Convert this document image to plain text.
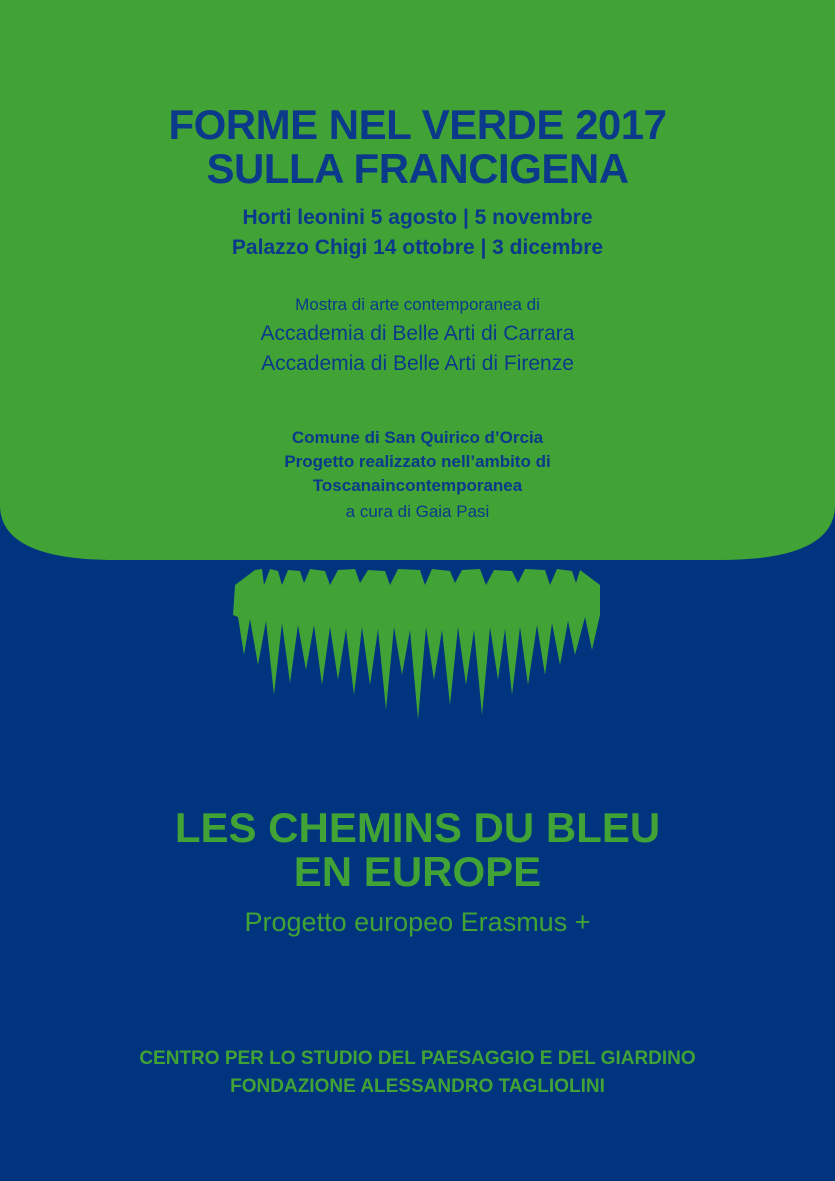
FORME NEL VERDE 2017
SULLA FRANCIGENA
Horti leonini 5 agosto | 5 novembre
Palazzo Chigi 14 ottobre | 3 dicembre
Mostra di arte contemporanea di
Accademia di Belle Arti di Carrara
Accademia di Belle Arti di Firenze
Comune di San Quirico d’Orcia
Progetto realizzato nell’ambito di
Toscanaincontemporanea
a cura di Gaia Pasi
LES CHEMINS DU BLEU
EN EUROPE
Progetto europeo Erasmus +
CENTRO PER LO STUDIO DEL PAESAGGIO E DEL GIARDINO
FONDAZIONE ALESSANDRO TAGLIOLINI
